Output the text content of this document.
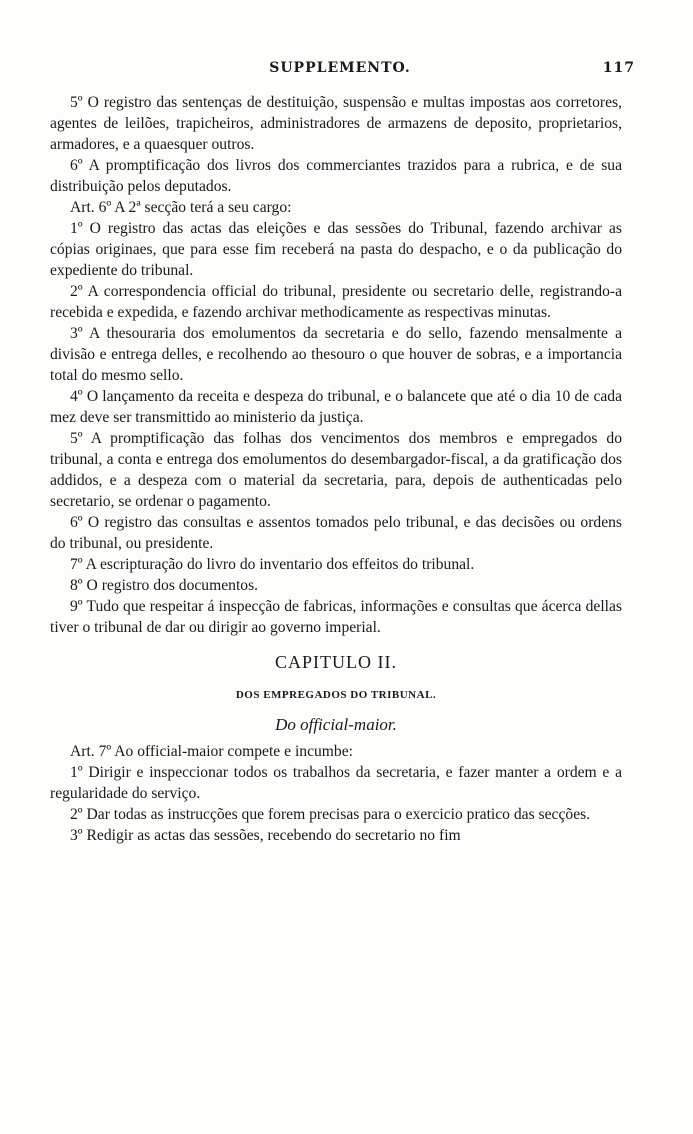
SUPPLEMENTO.	117

5º O registro das sentenças de destituição, suspensão e multas impostas aos corretores, agentes de leilões, trapicheiros, administradores de armazens de deposito, proprietarios, armadores, e a quaesquer outros.

6º A promptificação dos livros dos commerciantes trazidos para a rubrica, e de sua distribuição pelos deputados.

Art. 6º A 2ª secção terá a seu cargo:

1º O registro das actas das eleições e das sessões do Tribunal, fazendo archivar as cópias originaes, que para esse fim receberá na pasta do despacho, e o da publicação do expediente do tribunal.

2º A correspondencia official do tribunal, presidente ou secretario delle, registrando-a recebida e expedida, e fazendo archivar methodicamente as respectivas minutas.

3º A thesouraria dos emolumentos da secretaria e do sello, fazendo mensalmente a divisão e entrega delles, e recolhendo ao thesouro o que houver de sobras, e a importancia total do mesmo sello.

4º O lançamento da receita e despeza do tribunal, e o balancete que até o dia 10 de cada mez deve ser transmittido ao ministerio da justiça.

5º A promptificação das folhas dos vencimentos dos membros e empregados do tribunal, a conta e entrega dos emolumentos do desembargador-fiscal, a da gratificação dos addidos, e a despeza com o material da secretaria, para, depois de authenticadas pelo secretario, se ordenar o pagamento.

6º O registro das consultas e assentos tomados pelo tribunal, e das decisões ou ordens do tribunal, ou presidente.

7º A escripturação do livro do inventario dos effeitos do tribunal.

8º O registro dos documentos.

9º Tudo que respeitar á inspecção de fabricas, informações e consultas que ácerca dellas tiver o tribunal de dar ou dirigir ao governo imperial.

CAPITULO II.
DOS EMPREGADOS DO TRIBUNAL.
Do official-maior.

Art. 7º Ao official-maior compete e incumbe:

1º Dirigir e inspeccionar todos os trabalhos da secretaria, e fazer manter a ordem e a regularidade do serviço.

2º Dar todas as instrucções que forem precisas para o exercicio pratico das secções.

3º Redigir as actas das sessões, recebendo do secretario no fim
